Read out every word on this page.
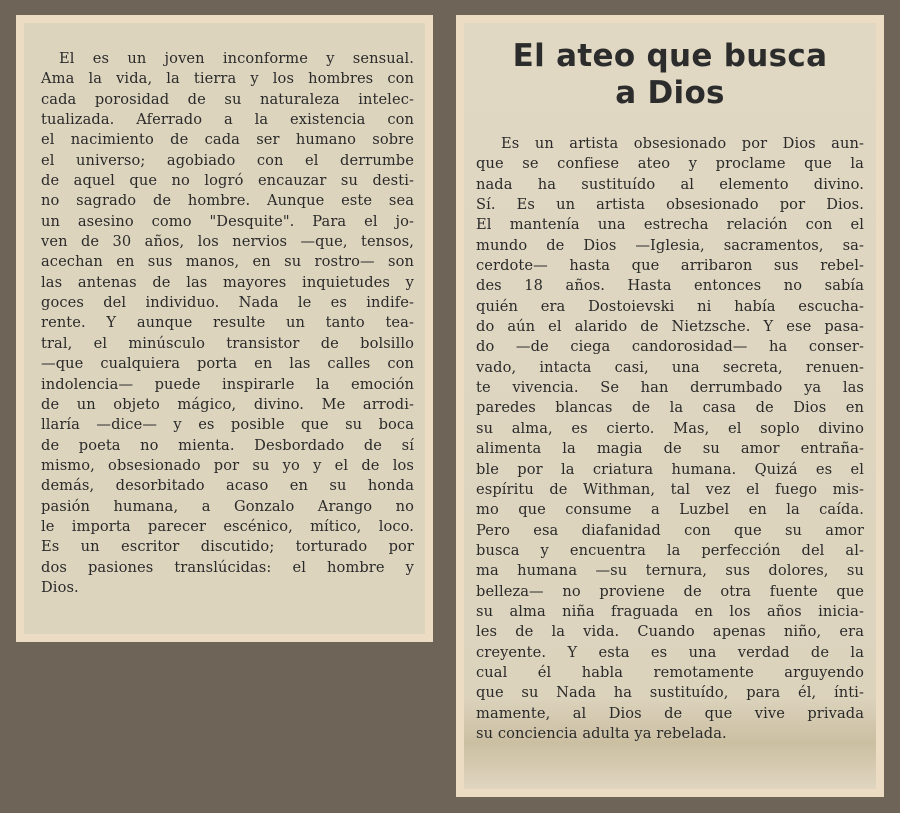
El es un joven inconforme y sensual.
Ama la vida, la tierra y los hombres con
cada porosidad de su naturaleza intelec-
tualizada. Aferrado a la existencia con
el nacimiento de cada ser humano sobre
el universo; agobiado con el derrumbe
de aquel que no logró encauzar su desti-
no sagrado de hombre. Aunque este sea
un asesino como "Desquite". Para el jo-
ven de 30 años, los nervios —que, tensos,
acechan en sus manos, en su rostro— son
las antenas de las mayores inquietudes y
goces del individuo. Nada le es indife-
rente. Y aunque resulte un tanto tea-
tral, el minúsculo transistor de bolsillo
—que cualquiera porta en las calles con
indolencia— puede inspirarle la emoción
de un objeto mágico, divino. Me arrodi-
llaría —dice— y es posible que su boca
de poeta no mienta. Desbordado de sí
mismo, obsesionado por su yo y el de los
demás, desorbitado acaso en su honda
pasión humana, a Gonzalo Arango no
le importa parecer escénico, mítico, loco.
Es un escritor discutido; torturado por
dos pasiones translúcidas: el hombre y
Dios.
El ateo que busca
a Dios
Es un artista obsesionado por Dios aun-
que se confiese ateo y proclame que la
nada ha sustituído al elemento divino.
Sí. Es un artista obsesionado por Dios.
El mantenía una estrecha relación con el
mundo de Dios —Iglesia, sacramentos, sa-
cerdote— hasta que arribaron sus rebel-
des 18 años. Hasta entonces no sabía
quién era Dostoievski ni había escucha-
do aún el alarido de Nietzsche. Y ese pasa-
do —de ciega candorosidad— ha conser-
vado, intacta casi, una secreta, renuen-
te vivencia. Se han derrumbado ya las
paredes blancas de la casa de Dios en
su alma, es cierto. Mas, el soplo divino
alimenta la magia de su amor entraña-
ble por la criatura humana. Quizá es el
espíritu de Withman, tal vez el fuego mis-
mo que consume a Luzbel en la caída.
Pero esa diafanidad con que su amor
busca y encuentra la perfección del al-
ma humana —su ternura, sus dolores, su
belleza— no proviene de otra fuente que
su alma niña fraguada en los años inicia-
les de la vida. Cuando apenas niño, era
creyente. Y esta es una verdad de la
cual él habla remotamente arguyendo
que su Nada ha sustituído, para él, ínti-
mamente, al Dios de que vive privada
su conciencia adulta ya rebelada.
